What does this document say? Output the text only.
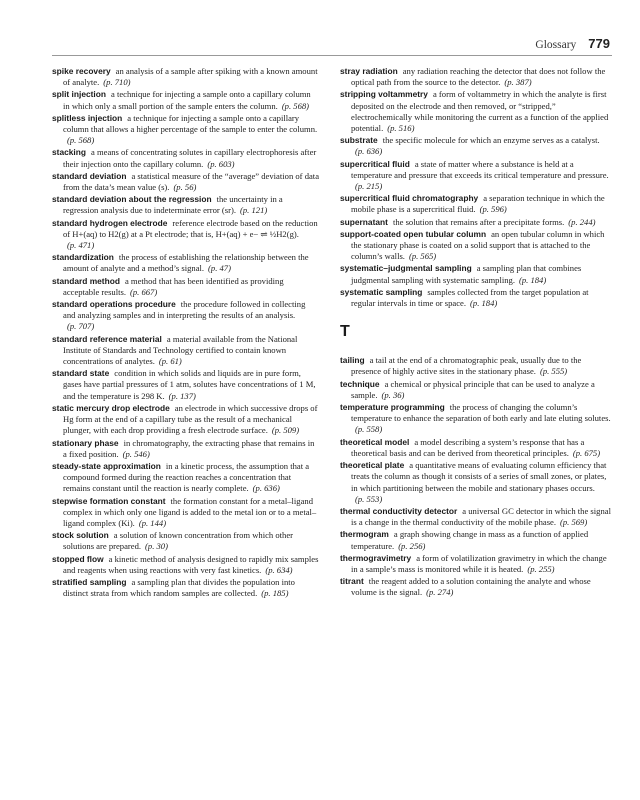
Glossary 779

spike recovery an analysis of a sample after spiking with a known amount of analyte. (p. 710)

split injection a technique for injecting a sample onto a capillary column in which only a small portion of the sample enters the column. (p. 568)

splitless injection a technique for injecting a sample onto a capillary column that allows a higher percentage of the sample to enter the column.(p. 568)

stacking a means of concentrating solutes in capillary electrophoresis after their injection onto the capillary column. (p. 603)

standard deviation a statistical measure of the “average” deviation of data from the data’s mean value (s). (p. 56)

standard deviation about the regression the uncertainty in a regression analysis due to indeterminate error (sr). (p. 121)

standard hydrogen electrode reference electrode based on the reduction of H+(aq) to H2(g) at a Pt electrode; that is, H+(aq) + e− ⇌ ½H2(g).(p. 471)

standardization the process of establishing the relationship between the amount of analyte and a method’s signal. (p. 47)

standard method a method that has been identified as providing acceptable results. (p. 667)

standard operations procedure the procedure followed in collecting and analyzing samples and in interpreting the results of an analysis.(p. 707)

standard reference material a material available from the National Institute of Standards and Technology certified to contain known concentrations of analytes. (p. 61)

standard state condition in which solids and liquids are in pure form, gases have partial pressures of 1 atm, solutes have concentrations of 1 M, and the temperature is 298 K. (p. 137)

static mercury drop electrode an electrode in which successive drops of Hg form at the end of a capillary tube as the result of a mechanical plunger, with each drop providing a fresh electrode surface. (p. 509)

stationary phase in chromatography, the extracting phase that remains in a fixed position. (p. 546)

steady-state approximation in a kinetic process, the assumption that a compound formed during the reaction reaches a concentration that remains constant until the reaction is nearly complete. (p. 636)

stepwise formation constant the formation constant for a metal–ligand complex in which only one ligand is added to the metal ion or to a metal–ligand complex (Ki). (p. 144)

stock solution a solution of known concentration from which other solutions are prepared. (p. 30)

stopped flow a kinetic method of analysis designed to rapidly mix samples and reagents when using reactions with very fast kinetics. (p. 634)

stratified sampling a sampling plan that divides the population into distinct strata from which random samples are collected. (p. 185)

stray radiation any radiation reaching the detector that does not follow the optical path from the source to the detector. (p. 387)

stripping voltammetry a form of voltammetry in which the analyte is first deposited on the electrode and then removed, or “stripped,” electrochemically while monitoring the current as a function of the applied potential. (p. 516)

substrate the specific molecule for which an enzyme serves as a catalyst.(p. 636)

supercritical fluid a state of matter where a substance is held at a temperature and pressure that exceeds its critical temperature and pressure.(p. 215)

supercritical fluid chromatography a separation technique in which the mobile phase is a supercritical fluid. (p. 596)

supernatant the solution that remains after a precipitate forms. (p. 244)

support-coated open tubular column an open tubular column in which the stationary phase is coated on a solid support that is attached to the column’s walls. (p. 565)

systematic–judgmental sampling a sampling plan that combines judgmental sampling with systematic sampling. (p. 184)

systematic sampling samples collected from the target population at regular intervals in time or space. (p. 184)

T

tailing a tail at the end of a chromatographic peak, usually due to the presence of highly active sites in the stationary phase. (p. 555)

technique a chemical or physical principle that can be used to analyze a sample. (p. 36)

temperature programming the process of changing the column’s temperature to enhance the separation of both early and late eluting solutes.(p. 558)

theoretical model a model describing a system’s response that has a theoretical basis and can be derived from theoretical principles. (p. 675)

theoretical plate a quantitative means of evaluating column efficiency that treats the column as though it consists of a series of small zones, or plates, in which partitioning between the mobile and stationary phases occurs.(p. 553)

thermal conductivity detector a universal GC detector in which the signal is a change in the thermal conductivity of the mobile phase. (p. 569)

thermogram a graph showing change in mass as a function of applied temperature. (p. 256)

thermogravimetry a form of volatilization gravimetry in which the change in a sample’s mass is monitored while it is heated. (p. 255)

titrant the reagent added to a solution containing the analyte and whose volume is the signal. (p. 274)
